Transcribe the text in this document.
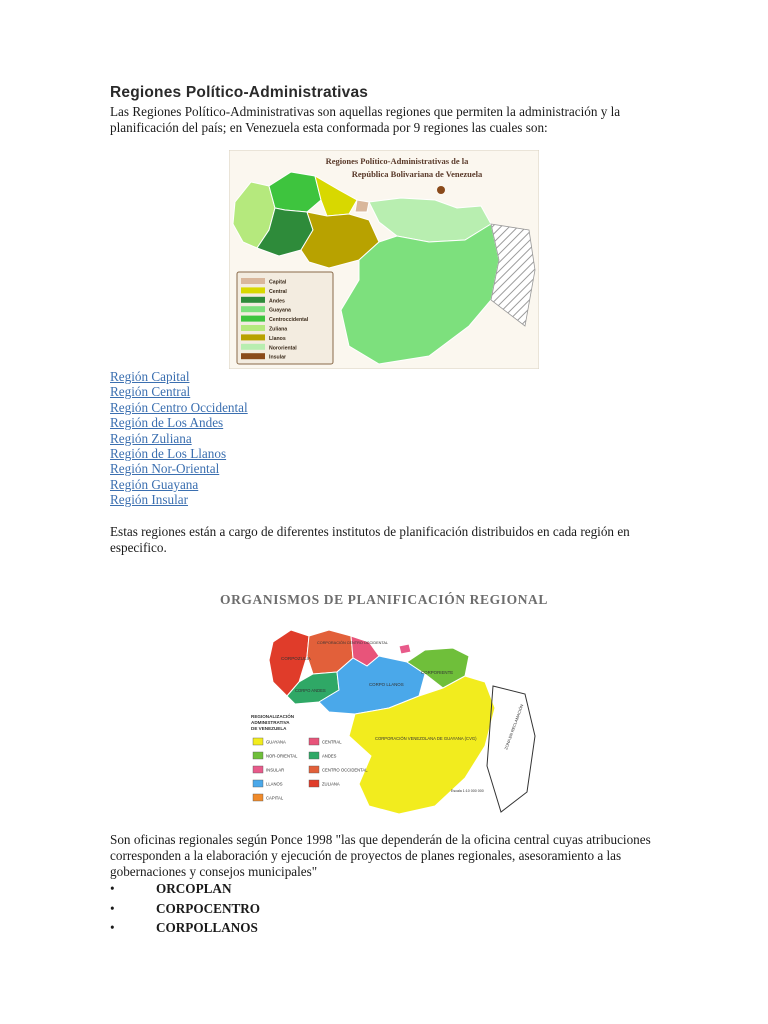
Regiones Político-Administrativas

Las Regiones Político-Administrativas son aquellas regiones que permiten la administración y la planificación del país; en Venezuela esta conformada por 9 regiones las cuales son:

Regiones Político-Administrativas de la
República Bolivariana de Venezuela
Capital
Central
Andes
Guayana
Centroccidental
Zuliana
Llanos
Nororiental
Insular
Región Capital
Región Central
Región Centro Occidental
Región de Los Andes
Región Zuliana
Región de Los Llanos
Región Nor-Oriental
Región Guayana
Región Insular

Estas regiones están a cargo de diferentes institutos de planificación distribuidos en cada región en especifico.

ORGANISMOS DE PLANIFICACIÓN REGIONAL
CORPOZULIA
CORPORACIÓN CENTRO OCCIDENTAL
CORPO ANDES
CORPO LLANOS
CORPORIENTE
CORPORACIÓN VENEZOLANA DE GUAYANA (CVG)	ZONA EN RECLAMACIÓN
REGIONALIZACIÓN
ADMINISTRATIVA
DE VENEZUELA
GUAYANA	CENTRAL
NOR-ORIENTAL	ANDES
INSULAR	CENTRO OCCIDENTAL
LLANOS	ZULIANA
CAPITAL
Escala 1:10 000 000

Son oficinas regionales según Ponce 1998 "las que dependerán de la oficina central cuyas atribuciones corresponden a la elaboración y ejecución de proyectos de planes regionales, asesoramiento a las gobernaciones y consejos municipales"

•	ORCOPLAN
•	CORPOCENTRO
•	CORPOLLANOS
